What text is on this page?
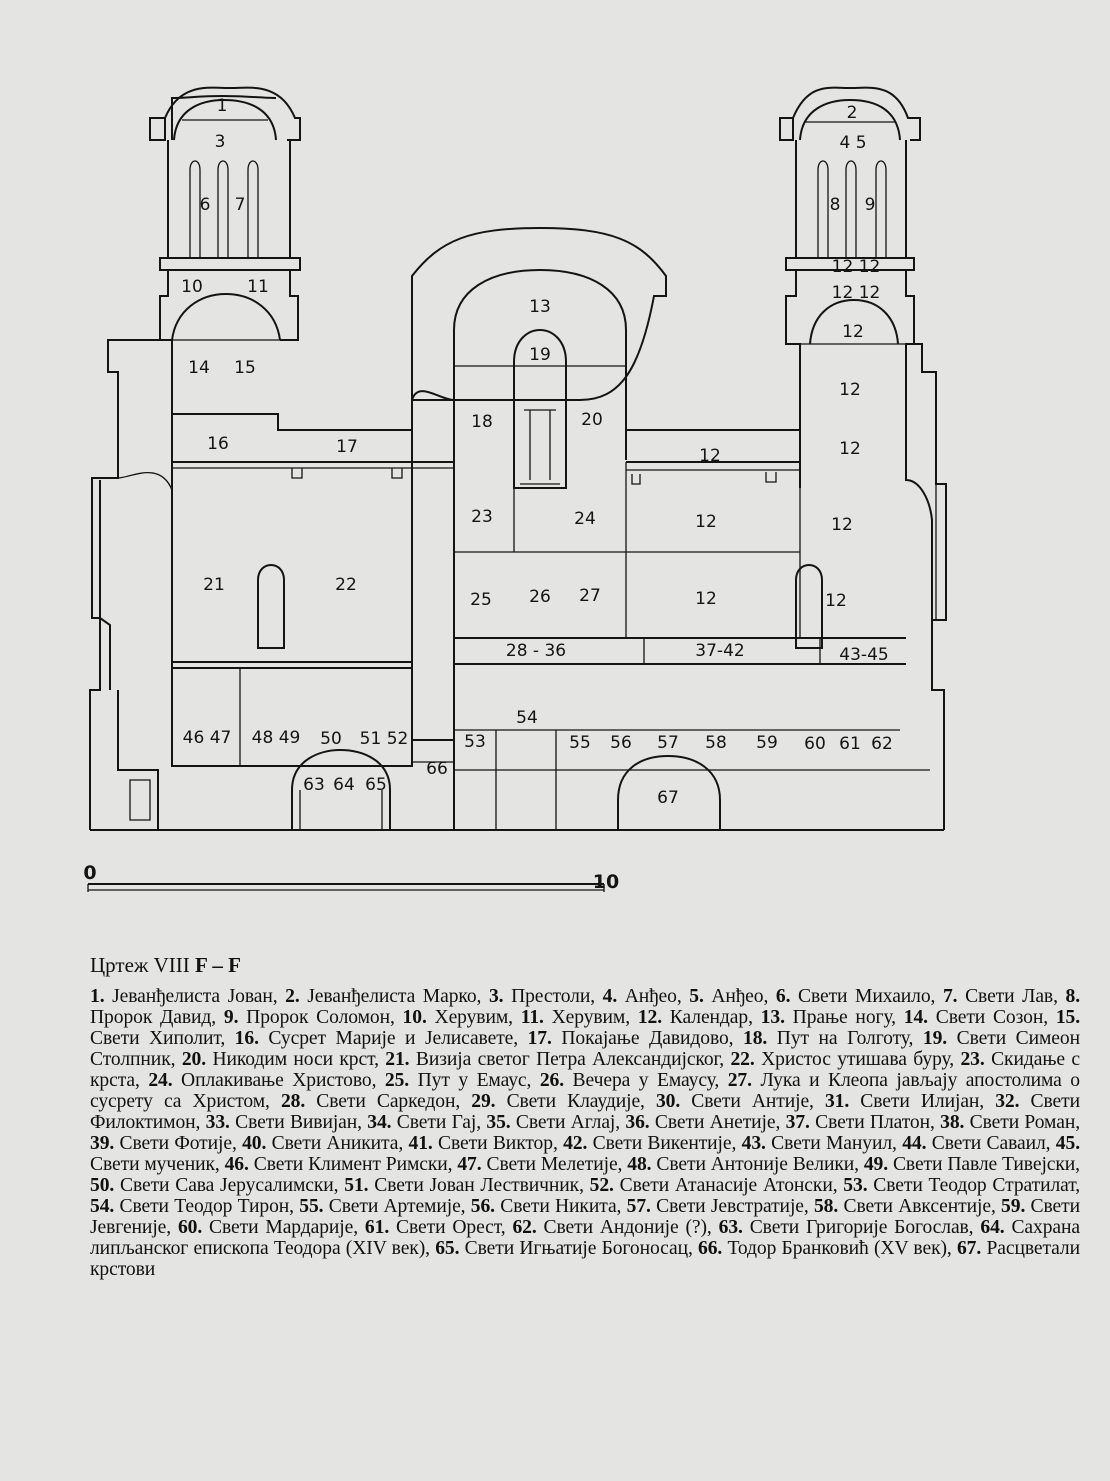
0	10
1	2
3	4 5
6 7	8 9
10	11
12 12
12 12
12
12
12
12
12	12
12	12
13
14 15
16	17
18
19
20
21	22
23	24
25 26 27
28 - 36	37-42	43-45
46 47 48 49 50 51 52	53
54
55 56 57 58 59 60 61 62
63 64 65
66
67
Цртеж VIII F – F
1. Јеванђелиста Јован, 2. Јеванђелиста Марко, 3. Престоли, 4. Анђео, 5. Анђео, 6. Свети Михаило, 7. Свети Лав, 8. Пророк Давид, 9. Пророк Соломон, 10. Херувим, 11. Херувим, 12. Календар, 13. Прање ногу, 14. Свети Созон, 15. Свети Хиполит, 16. Сусрет Марије и Јелисавете, 17. Покајање Давидово, 18. Пут на Голготу, 19. Свети Симеон Столпник, 20. Никодим носи крст, 21. Визија светог Петра Александијског, 22. Христос утишава буру, 23. Скидање с крста, 24. Оплакивање Христово, 25. Пут у Емаус, 26. Вечера у Емаусу, 27. Лука и Клеопа јављају апостолима о сусрету са Христом, 28. Свети Саркедон, 29. Свети Клаудије, 30. Свети Антије, 31. Свети Илијан, 32. Свети Филоктимон, 33. Свети Вивијан, 34. Свети Гај, 35. Свети Аглај, 36. Свети Анетије, 37. Свети Платон, 38. Свети Роман, 39. Свети Фотије, 40. Свети Аникита, 41. Свети Виктор, 42. Свети Викентије, 43. Свети Мануил, 44. Свети Саваил, 45. Свети мученик, 46. Свети Климент Римски, 47. Свети Мелетије, 48. Свети Антоније Велики, 49. Свети Павле Тивејски, 50. Свети Сава Јерусалимски, 51. Свети Јован Лествичник, 52. Свети Атанасије Атонски, 53. Свети Теодор Стратилат, 54. Свети Теодор Тирон, 55. Свети Артемије, 56. Свети Никита, 57. Свети Јевстратије, 58. Свети Авксентије, 59. Свети Јевгеније, 60. Свети Мардарије, 61. Свети Орест, 62. Свети Андоније (?), 63. Свети Григорије Богослав, 64. Сахрана липљанског епископа Теодора (XIV век), 65. Свети Игњатије Богоносац, 66. Тодор Бранковић (XV век), 67. Расцветали крстови
